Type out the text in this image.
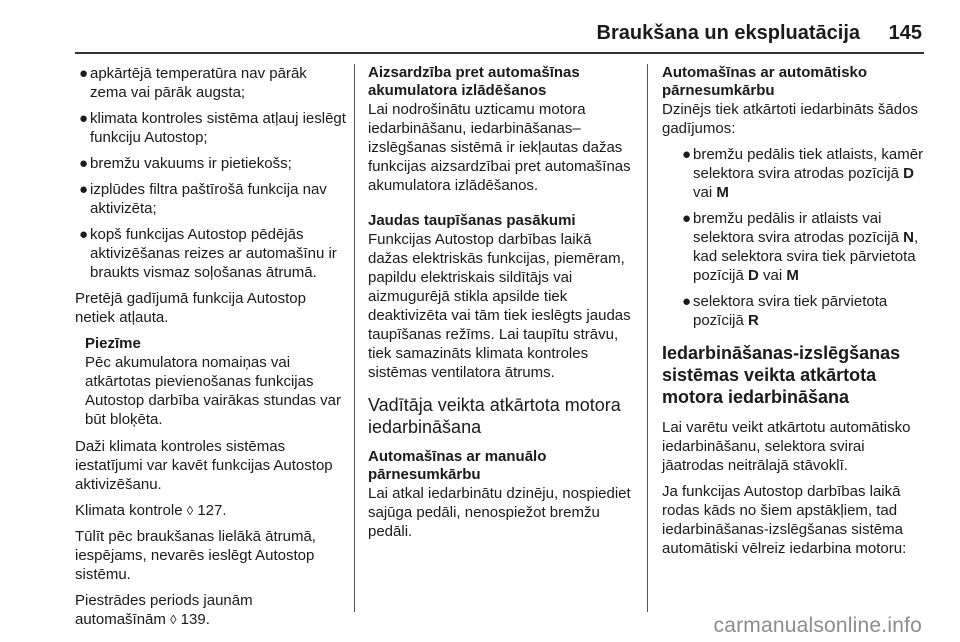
Braukšana un ekspluatācija 145
● apkārtējā temperatūra nav pārāk zema vai pārāk augsta;
● klimata kontroles sistēma atļauj ieslēgt funkciju Autostop;
● bremžu vakuums ir pietiekošs;
● izplūdes filtra paštīrošā funkcija nav aktivizēta;
● kopš funkcijas Autostop pēdējās aktivizēšanas reizes ar automašīnu ir braukts vismaz soļošanas ātrumā.

Pretējā gadījumā funkcija Autostop netiek atļauta.

Piezīme
Pēc akumulatora nomaiņas vai atkārtotas pievienošanas funkcijas Autostop darbība vairākas stundas var būt bloķēta.

Daži klimata kontroles sistēmas iestatījumi var kavēt funkcijas Autostop aktivizēšanu.

Klimata kontrole ◊ 127.

Tūlīt pēc braukšanas lielākā ātrumā, iespējams, nevarēs ieslēgt Autostop sistēmu.

Piestrādes periods jaunām automašīnām ◊ 139.

Aizsardzība pret automašīnas akumulatora izlādēšanos

Lai nodrošinātu uzticamu motora iedarbināšanu, iedarbināšanas– izslēgšanas sistēmā ir iekļautas dažas funkcijas aizsardzībai pret automašīnas akumulatora izlādēšanos.

Jaudas taupīšanas pasākumi

Funkcijas Autostop darbības laikā dažas elektriskās funkcijas, piemēram, papildu elektriskais sildītājs vai aizmugurējā stikla apsilde tiek deaktivizēta vai tām tiek ieslēgts jaudas taupīšanas režīms. Lai taupītu strāvu, tiek samazināts klimata kontroles sistēmas ventilatora ātrums.

Vadītāja veikta atkārtota motora iedarbināšana
Automašīnas ar manuālo pārnesumkārbu

Lai atkal iedarbinātu dzinēju, nospiediet sajūga pedāli, nenospiežot bremžu pedāli.

Automašīnas ar automātisko pārnesumkārbu

Dzinējs tiek atkārtoti iedarbināts šādos gadījumos:

● bremžu pedālis tiek atlaists, kamēr selektora svira atrodas pozīcijā D vai M
● bremžu pedālis ir atlaists vai selektora svira atrodas pozīcijā N, kad selektora svira tiek pārvietota pozīcijā D vai M
● selektora svira tiek pārvietota pozīcijā R
Iedarbināšanas-izslēgšanas sistēmas veikta atkārtota motora iedarbināšana

Lai varētu veikt atkārtotu automātisko iedarbināšanu, selektora svirai jāatrodas neitrālajā stāvoklī.

Ja funkcijas Autostop darbības laikā rodas kāds no šiem apstākļiem, tad iedarbināšanas-izslēgšanas sistēma automātiski vēlreiz iedarbina motoru:

carmanualsonline.info
